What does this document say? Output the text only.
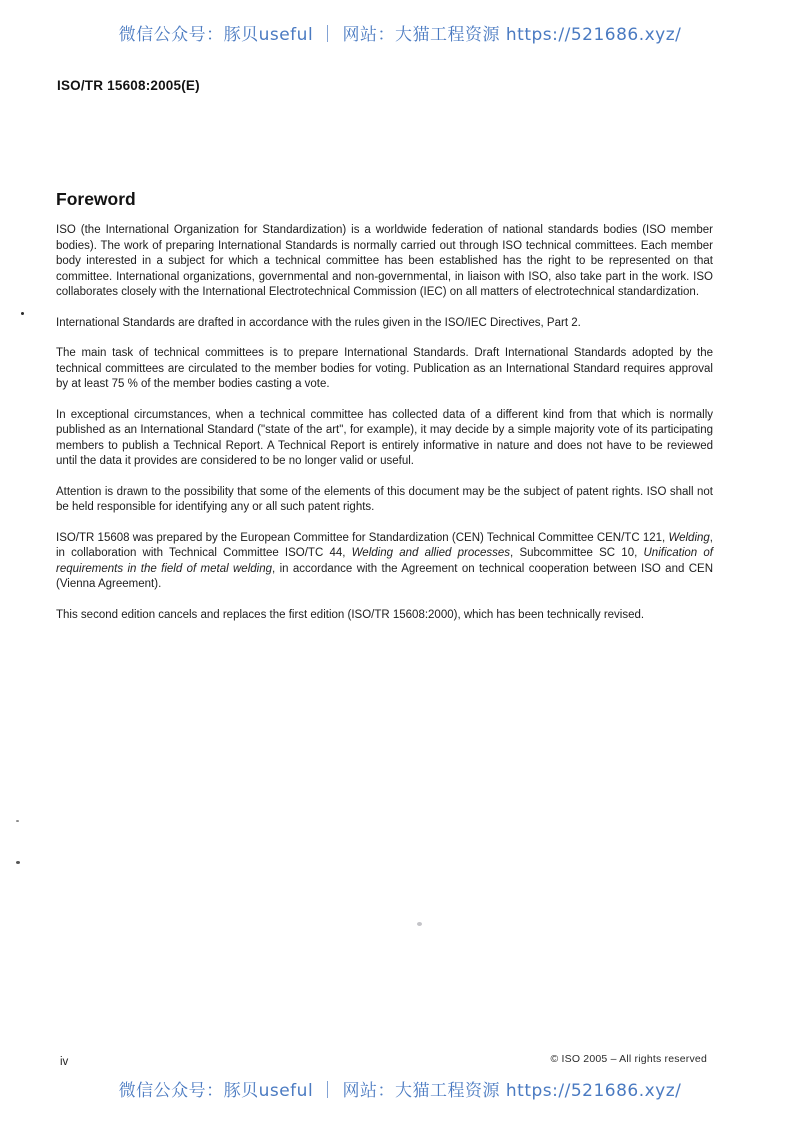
微信公众号：豚贝useful ｜ 网站：大猫工程资源 https://521686.xyz/
ISO/TR 15608:2005(E)
Foreword

ISO (the International Organization for Standardization) is a worldwide federation of national standards bodies (ISO member bodies). The work of preparing International Standards is normally carried out through ISO technical committees. Each member body interested in a subject for which a technical committee has been established has the right to be represented on that committee. International organizations, governmental and non-governmental, in liaison with ISO, also take part in the work. ISO collaborates closely with the International Electrotechnical Commission (IEC) on all matters of electrotechnical standardization.

International Standards are drafted in accordance with the rules given in the ISO/IEC Directives, Part 2.

The main task of technical committees is to prepare International Standards. Draft International Standards adopted by the technical committees are circulated to the member bodies for voting. Publication as an International Standard requires approval by at least 75 % of the member bodies casting a vote.

In exceptional circumstances, when a technical committee has collected data of a different kind from that which is normally published as an International Standard ("state of the art", for example), it may decide by a simple majority vote of its participating members to publish a Technical Report. A Technical Report is entirely informative in nature and does not have to be reviewed until the data it provides are considered to be no longer valid or useful.

Attention is drawn to the possibility that some of the elements of this document may be the subject of patent rights. ISO shall not be held responsible for identifying any or all such patent rights.

ISO/TR 15608 was prepared by the European Committee for Standardization (CEN) Technical Committee CEN/TC 121, Welding, in collaboration with Technical Committee ISO/TC 44, Welding and allied processes, Subcommittee SC 10, Unification of requirements in the field of metal welding, in accordance with the Agreement on technical cooperation between ISO and CEN (Vienna Agreement).

This second edition cancels and replaces the first edition (ISO/TR 15608:2000), which has been technically revised.

iv	© ISO 2005 – All rights reserved
微信公众号：豚贝useful ｜ 网站：大猫工程资源 https://521686.xyz/
